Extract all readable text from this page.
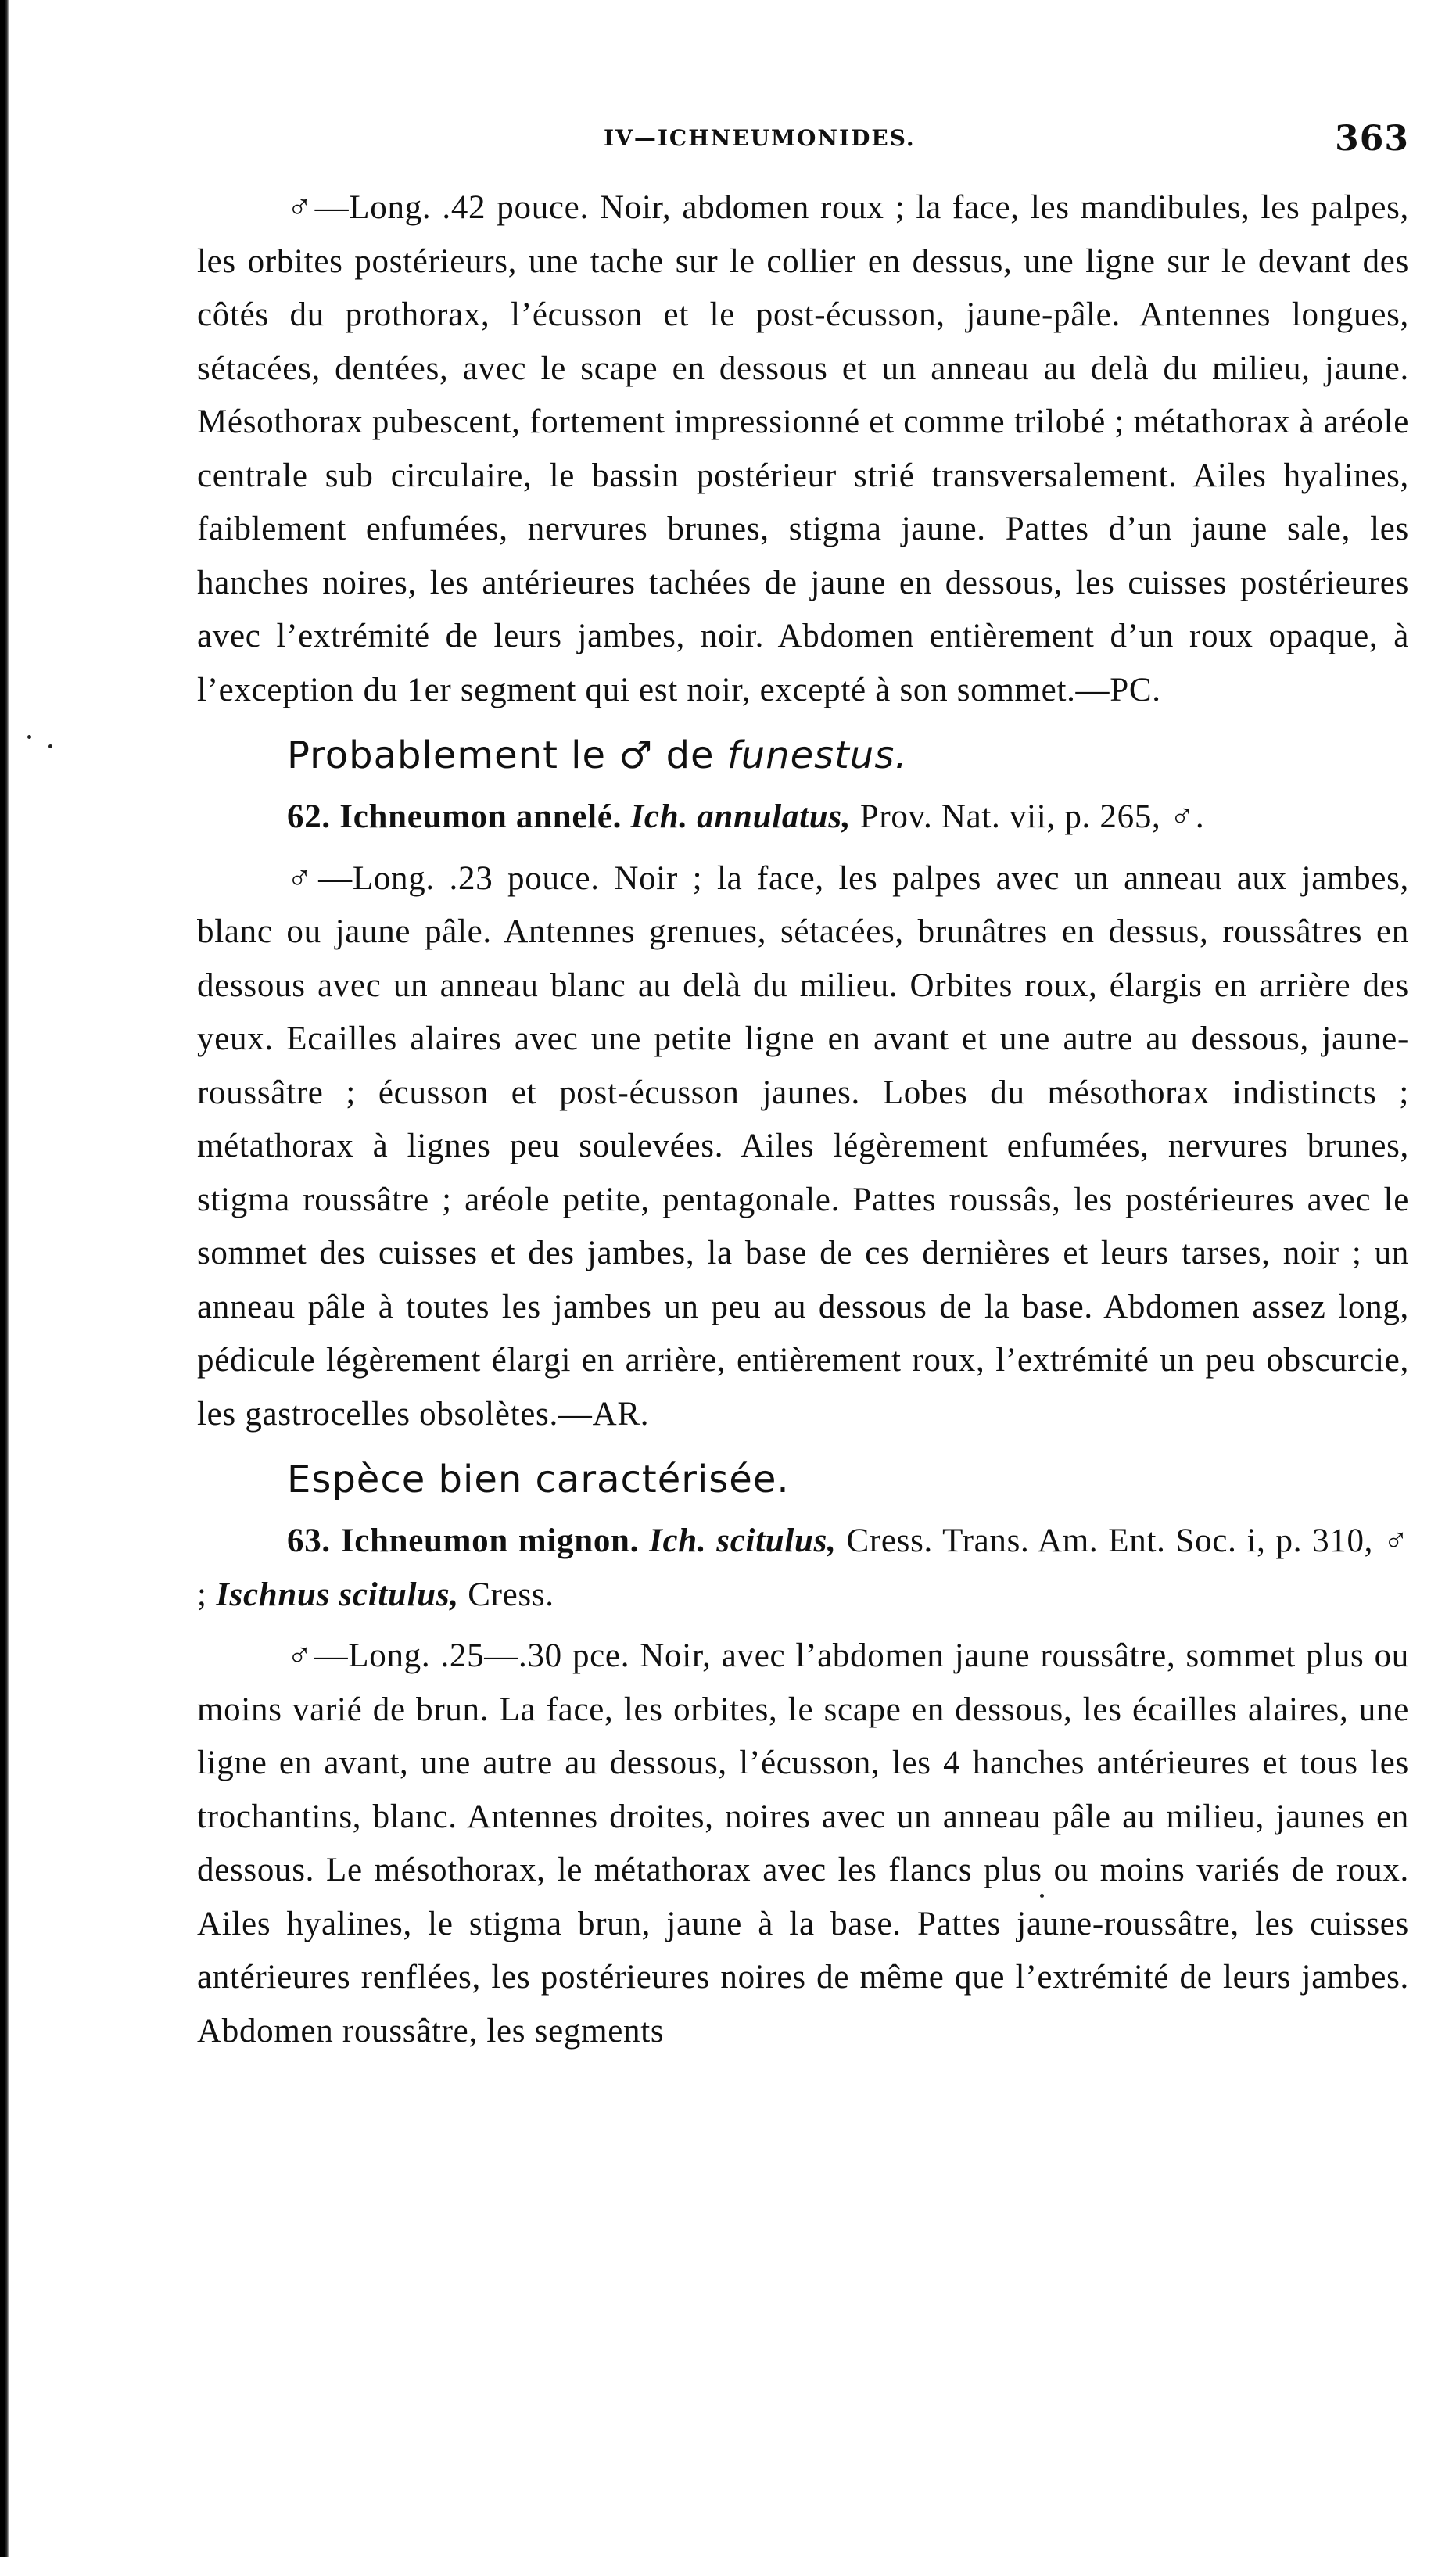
IV—ICHNEUMONIDES.	363

♂—Long. .42 pouce. Noir, abdomen roux ; la face, les mandibules, les palpes, les orbites postérieurs, une tache sur le collier en dessus, une ligne sur le devant des côtés du prothorax, l’écusson et le post-écusson, jaune-pâle. Antennes longues, sétacées, dentées, avec le scape en dessous et un anneau au delà du milieu, jaune. Mésothorax pubescent, fortement impressionné et comme trilobé ; métathorax à aréole centrale sub circulaire, le bassin postérieur strié transversalement. Ailes hyalines, faiblement enfumées, nervures brunes, stigma jaune. Pattes d’un jaune sale, les hanches noires, les antérieures tachées de jaune en dessous, les cuisses postérieures avec l’extrémité de leurs jambes, noir. Abdomen entièrement d’un roux opaque, à l’exception du 1er segment qui est noir, excepté à son sommet.—PC.

Probablement le ♂ de funestus.

62. Ichneumon annelé. Ich. annulatus, Prov. Nat. vii, p. 265, ♂.

♂—Long. .23 pouce. Noir ; la face, les palpes avec un anneau aux jambes, blanc ou jaune pâle. Antennes grenues, sétacées, brunâtres en dessus, roussâtres en dessous avec un anneau blanc au delà du milieu. Orbites roux, élargis en arrière des yeux. Ecailles alaires avec une petite ligne en avant et une autre au dessous, jaune-roussâtre ; écusson et post-écusson jaunes. Lobes du mésothorax indistincts ; métathorax à lignes peu soulevées. Ailes légèrement enfumées, nervures brunes, stigma roussâtre ; aréole petite, pentagonale. Pattes roussâs, les postérieures avec le sommet des cuisses et des jambes, la base de ces dernières et leurs tarses, noir ; un anneau pâle à toutes les jambes un peu au dessous de la base. Abdomen assez long, pédicule légèrement élargi en arrière, entièrement roux, l’extrémité un peu obscurcie, les gastrocelles obsolètes.—AR.

Espèce bien caractérisée.

63. Ichneumon mignon. Ich. scitulus, Cress. Trans. Am. Ent. Soc. i, p. 310, ♂ ; Ischnus scitulus, Cress.

♂—Long. .25—.30 pce. Noir, avec l’abdomen jaune roussâtre, sommet plus ou moins varié de brun. La face, les orbites, le scape en dessous, les écailles alaires, une ligne en avant, une autre au dessous, l’écusson, les 4 hanches antérieures et tous les trochantins, blanc. Antennes droites, noires avec un anneau pâle au milieu, jaunes en dessous. Le mésothorax, le métathorax avec les flancs plus ou moins variés de roux. Ailes hyalines, le stigma brun, jaune à la base. Pattes jaune-roussâtre, les cuisses antérieures renflées, les postérieures noires de même que l’extrémité de leurs jambes. Abdomen roussâtre, les segments
